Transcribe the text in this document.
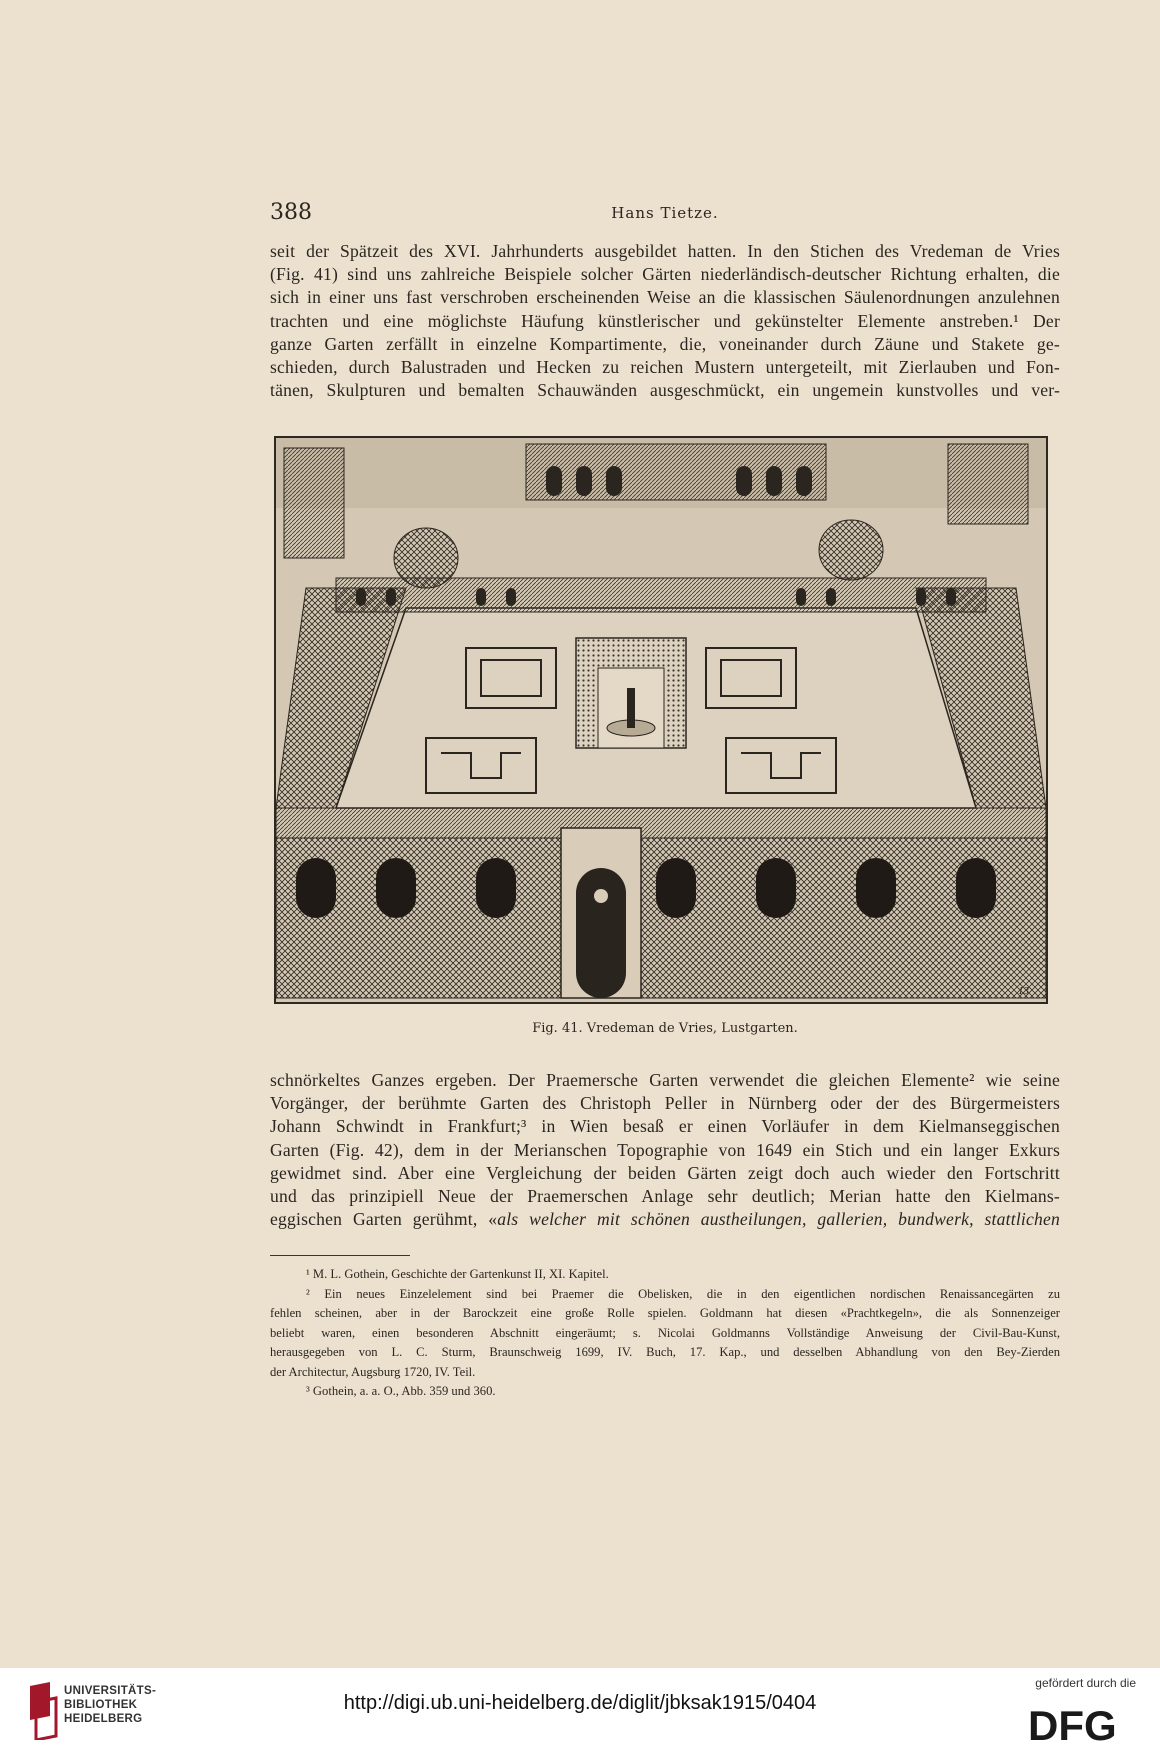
388	Hans Tietze.

seit der Spätzeit des XVI. Jahrhunderts ausgebildet hatten. In den Stichen des Vredeman de Vries
(Fig. 41) sind uns zahlreiche Beispiele solcher Gärten niederländisch-deutscher Richtung erhalten, die
sich in einer uns fast verschroben erscheinenden Weise an die klassischen Säulenordnungen anzulehnen
trachten und eine möglichste Häufung künstlerischer und gekünstelter Elemente anstreben.¹ Der
ganze Garten zerfällt in einzelne Kompartimente, die, voneinander durch Zäune und Stakete ge-
schieden, durch Balustraden und Hecken zu reichen Mustern untergeteilt, mit Zierlauben und Fon-
tänen, Skulpturen und bemalten Schauwänden ausgeschmückt, ein ungemein kunstvolles und ver-

13
Fig. 41. Vredeman de Vries, Lustgarten.

schnörkeltes Ganzes ergeben. Der Praemersche Garten verwendet die gleichen Elemente² wie seine
Vorgänger, der berühmte Garten des Christoph Peller in Nürnberg oder der des Bürgermeisters
Johann Schwindt in Frankfurt;³ in Wien besaß er einen Vorläufer in dem Kielmanseggischen
Garten (Fig. 42), dem in der Merianschen Topographie von 1649 ein Stich und ein langer Exkurs
gewidmet sind. Aber eine Vergleichung der beiden Gärten zeigt doch auch wieder den Fortschritt
und das prinzipiell Neue der Praemerschen Anlage sehr deutlich; Merian hatte den Kielmans-
eggischen Garten gerühmt, «als welcher mit schönen austheilungen, gallerien, bundwerk, stattlichen

¹ M. L. Gothein, Geschichte der Gartenkunst II, XI. Kapitel.

² Ein neues Einzelelement sind bei Praemer die Obelisken, die in den eigentlichen nordischen Renaissancegärten zu
fehlen scheinen, aber in der Barockzeit eine große Rolle spielen. Goldmann hat diesen «Prachtkegeln», die als Sonnenzeiger
beliebt waren, einen besonderen Abschnitt eingeräumt; s. Nicolai Goldmanns Vollständige Anweisung der Civil-Bau-Kunst,
herausgegeben von L. C. Sturm, Braunschweig 1699, IV. Buch, 17. Kap., und desselben Abhandlung von den Bey-Zierden
der Architectur, Augsburg 1720, IV. Teil.

³ Gothein, a. a. O., Abb. 359 und 360.

UNIVERSITÄTS-
BIBLIOTHEK
HEIDELBERG
http://digi.ub.uni-heidelberg.de/diglit/jbksak1915/0404
gefördert durch die
DFG
